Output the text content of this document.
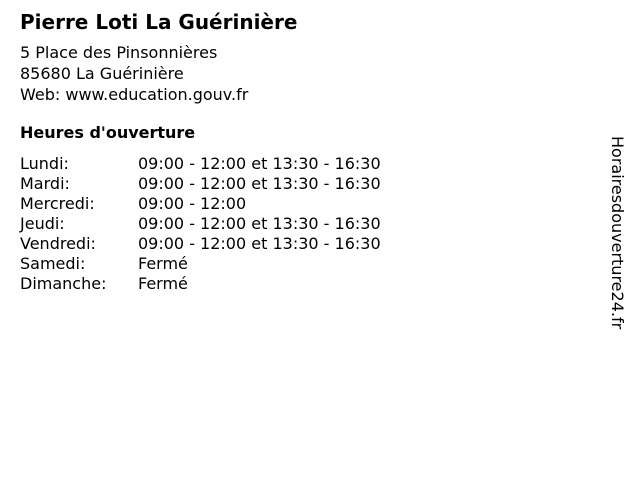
Pierre Loti La Guérinière
5 Place des Pinsonnières
85680 La Guérinière
Web: www.education.gouv.fr
Heures d'ouverture
Lundi:	09:00 - 12:00 et 13:30 - 16:30
Mardi:	09:00 - 12:00 et 13:30 - 16:30
Mercredi:	09:00 - 12:00
Jeudi:	09:00 - 12:00 et 13:30 - 16:30
Vendredi:	09:00 - 12:00 et 13:30 - 16:30
Samedi:	Fermé
Dimanche: Fermé	Horairesdouverture24.fr
